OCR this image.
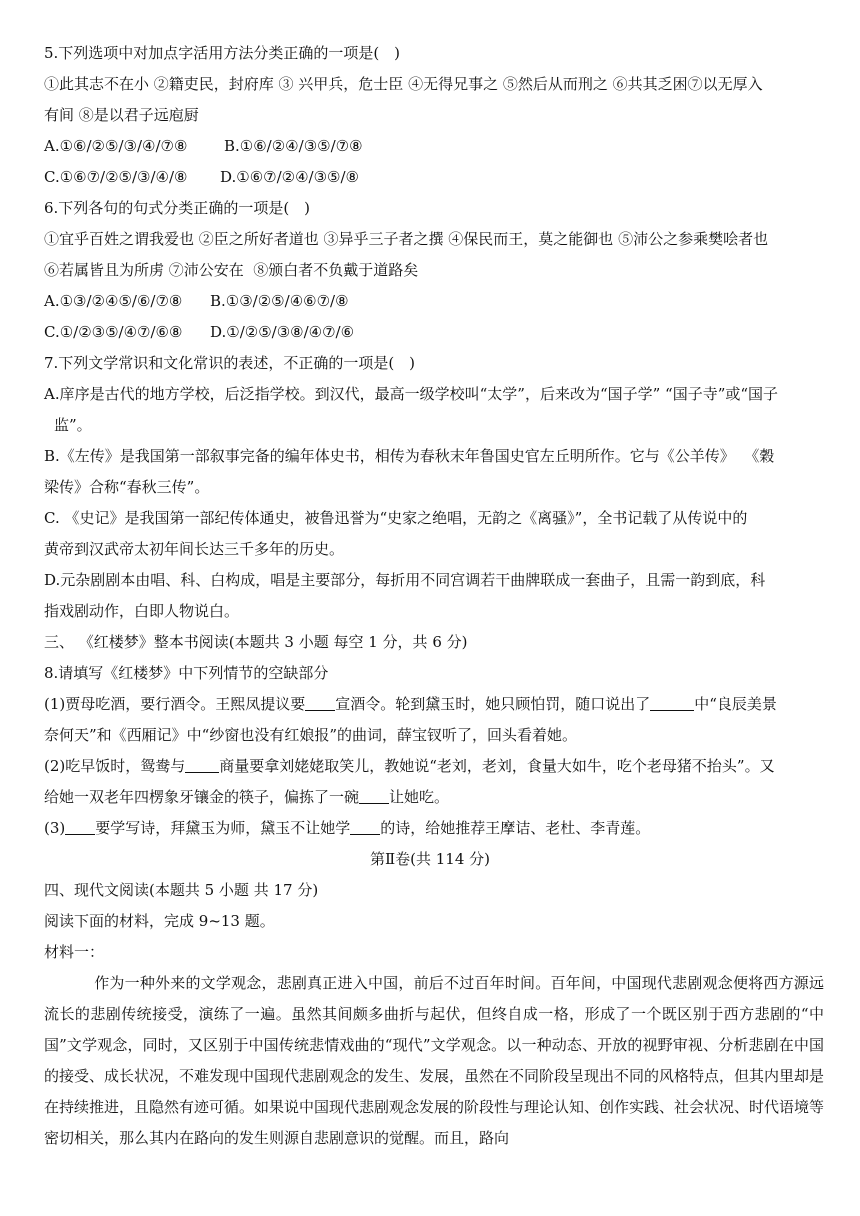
5.下列选项中对加点字活用方法分类正确的一项是(　)
①此其志不在小 ②籍吏民，封府库 ③ 兴甲兵，危士臣 ④无得兄事之 ⑤然后从而刑之 ⑥共其乏困⑦以无厚入
有间 ⑧是以君子远庖厨
A.①⑥/②⑤/③/④/⑦⑧ B.①⑥/②④/③⑤/⑦⑧
C.①⑥⑦/②⑤/③/④/⑧ D.①⑥⑦/②④/③⑤/⑧
6.下列各句的句式分类正确的一项是(　)
①宜乎百姓之谓我爱也 ②臣之所好者道也 ③异乎三子者之撰 ④保民而王，莫之能御也 ⑤沛公之参乘樊哙者也
⑥若属皆且为所虏 ⑦沛公安在  ⑧颁白者不负戴于道路矣
A.①③/②④⑤/⑥/⑦⑧ B.①③/②⑤/④⑥⑦/⑧
C.①/②③⑤/④⑦/⑥⑧ D.①/②⑤/③⑧/④⑦/⑥
7.下列文学常识和文化常识的表述，不正确的一项是(　)
A.庠序是古代的地方学校，后泛指学校。到汉代，最高一级学校叫“太学”，后来改为“国子学” “国子寺”或“国子
监”。
B.《左传》是我国第一部叙事完备的编年体史书，相传为春秋末年鲁国史官左丘明所作。它与《公羊传》  《穀
梁传》合称“春秋三传”。
C. 《史记》是我国第一部纪传体通史，被鲁迅誉为“史家之绝唱，无韵之《离骚》”，全书记载了从传说中的
黄帝到汉武帝太初年间长达三千多年的历史。
D.元杂剧剧本由唱、科、白构成，唱是主要部分，每折用不同宫调若干曲牌联成一套曲子，且需一韵到底，科
指戏剧动作，白即人物说白。
三、 《红楼梦》整本书阅读(本题共 3 小题 每空 1 分，共 6 分)
8.请填写《红楼梦》中下列情节的空缺部分
(1)贾母吃酒，要行酒令。王熙凤提议要 宣酒令。轮到黛玉时，她只顾怕罚，随口说出了	中“良辰美景
奈何天”和《西厢记》中“纱窗也没有红娘报”的曲词，薛宝钗听了，回头看着她。
(2)吃早饭时，鸳鸯与 商量要拿刘姥姥取笑儿，教她说“老刘，老刘，食量大如牛，吃个老母猪不抬头”。又
给她一双老年四楞象牙镶金的筷子，偏拣了一碗 让她吃。
(3) 要学写诗，拜黛玉为师，黛玉不让她学 的诗，给她推荐王摩诘、老杜、李青莲。
第Ⅱ卷(共 114 分)
四、现代文阅读(本题共 5 小题 共 17 分)
阅读下面的材料，完成 9~13 题。
材料一：
作为一种外来的文学观念，悲剧真正进入中国，前后不过百年时间。百年间，中国现代悲剧观念便将西方源远流长的悲剧传统接受，演练了一遍。虽然其间颇多曲折与起伏，但终自成一格，形成了一个既区别于西方悲剧的“中国”文学观念，同时，又区别于中国传统悲情戏曲的“现代”文学观念。以一种动态、开放的视野审视、分析悲剧在中国的接受、成长状况，不难发现中国现代悲剧观念的发生、发展，虽然在不同阶段呈现出不同的风格特点，但其内里却是在持续推进，且隐然有迹可循。如果说中国现代悲剧观念发展的阶段性与理论认知、创作实践、社会状况、时代语境等密切相关，那么其内在路向的发生则源自悲剧意识的觉醒。而且，路向
